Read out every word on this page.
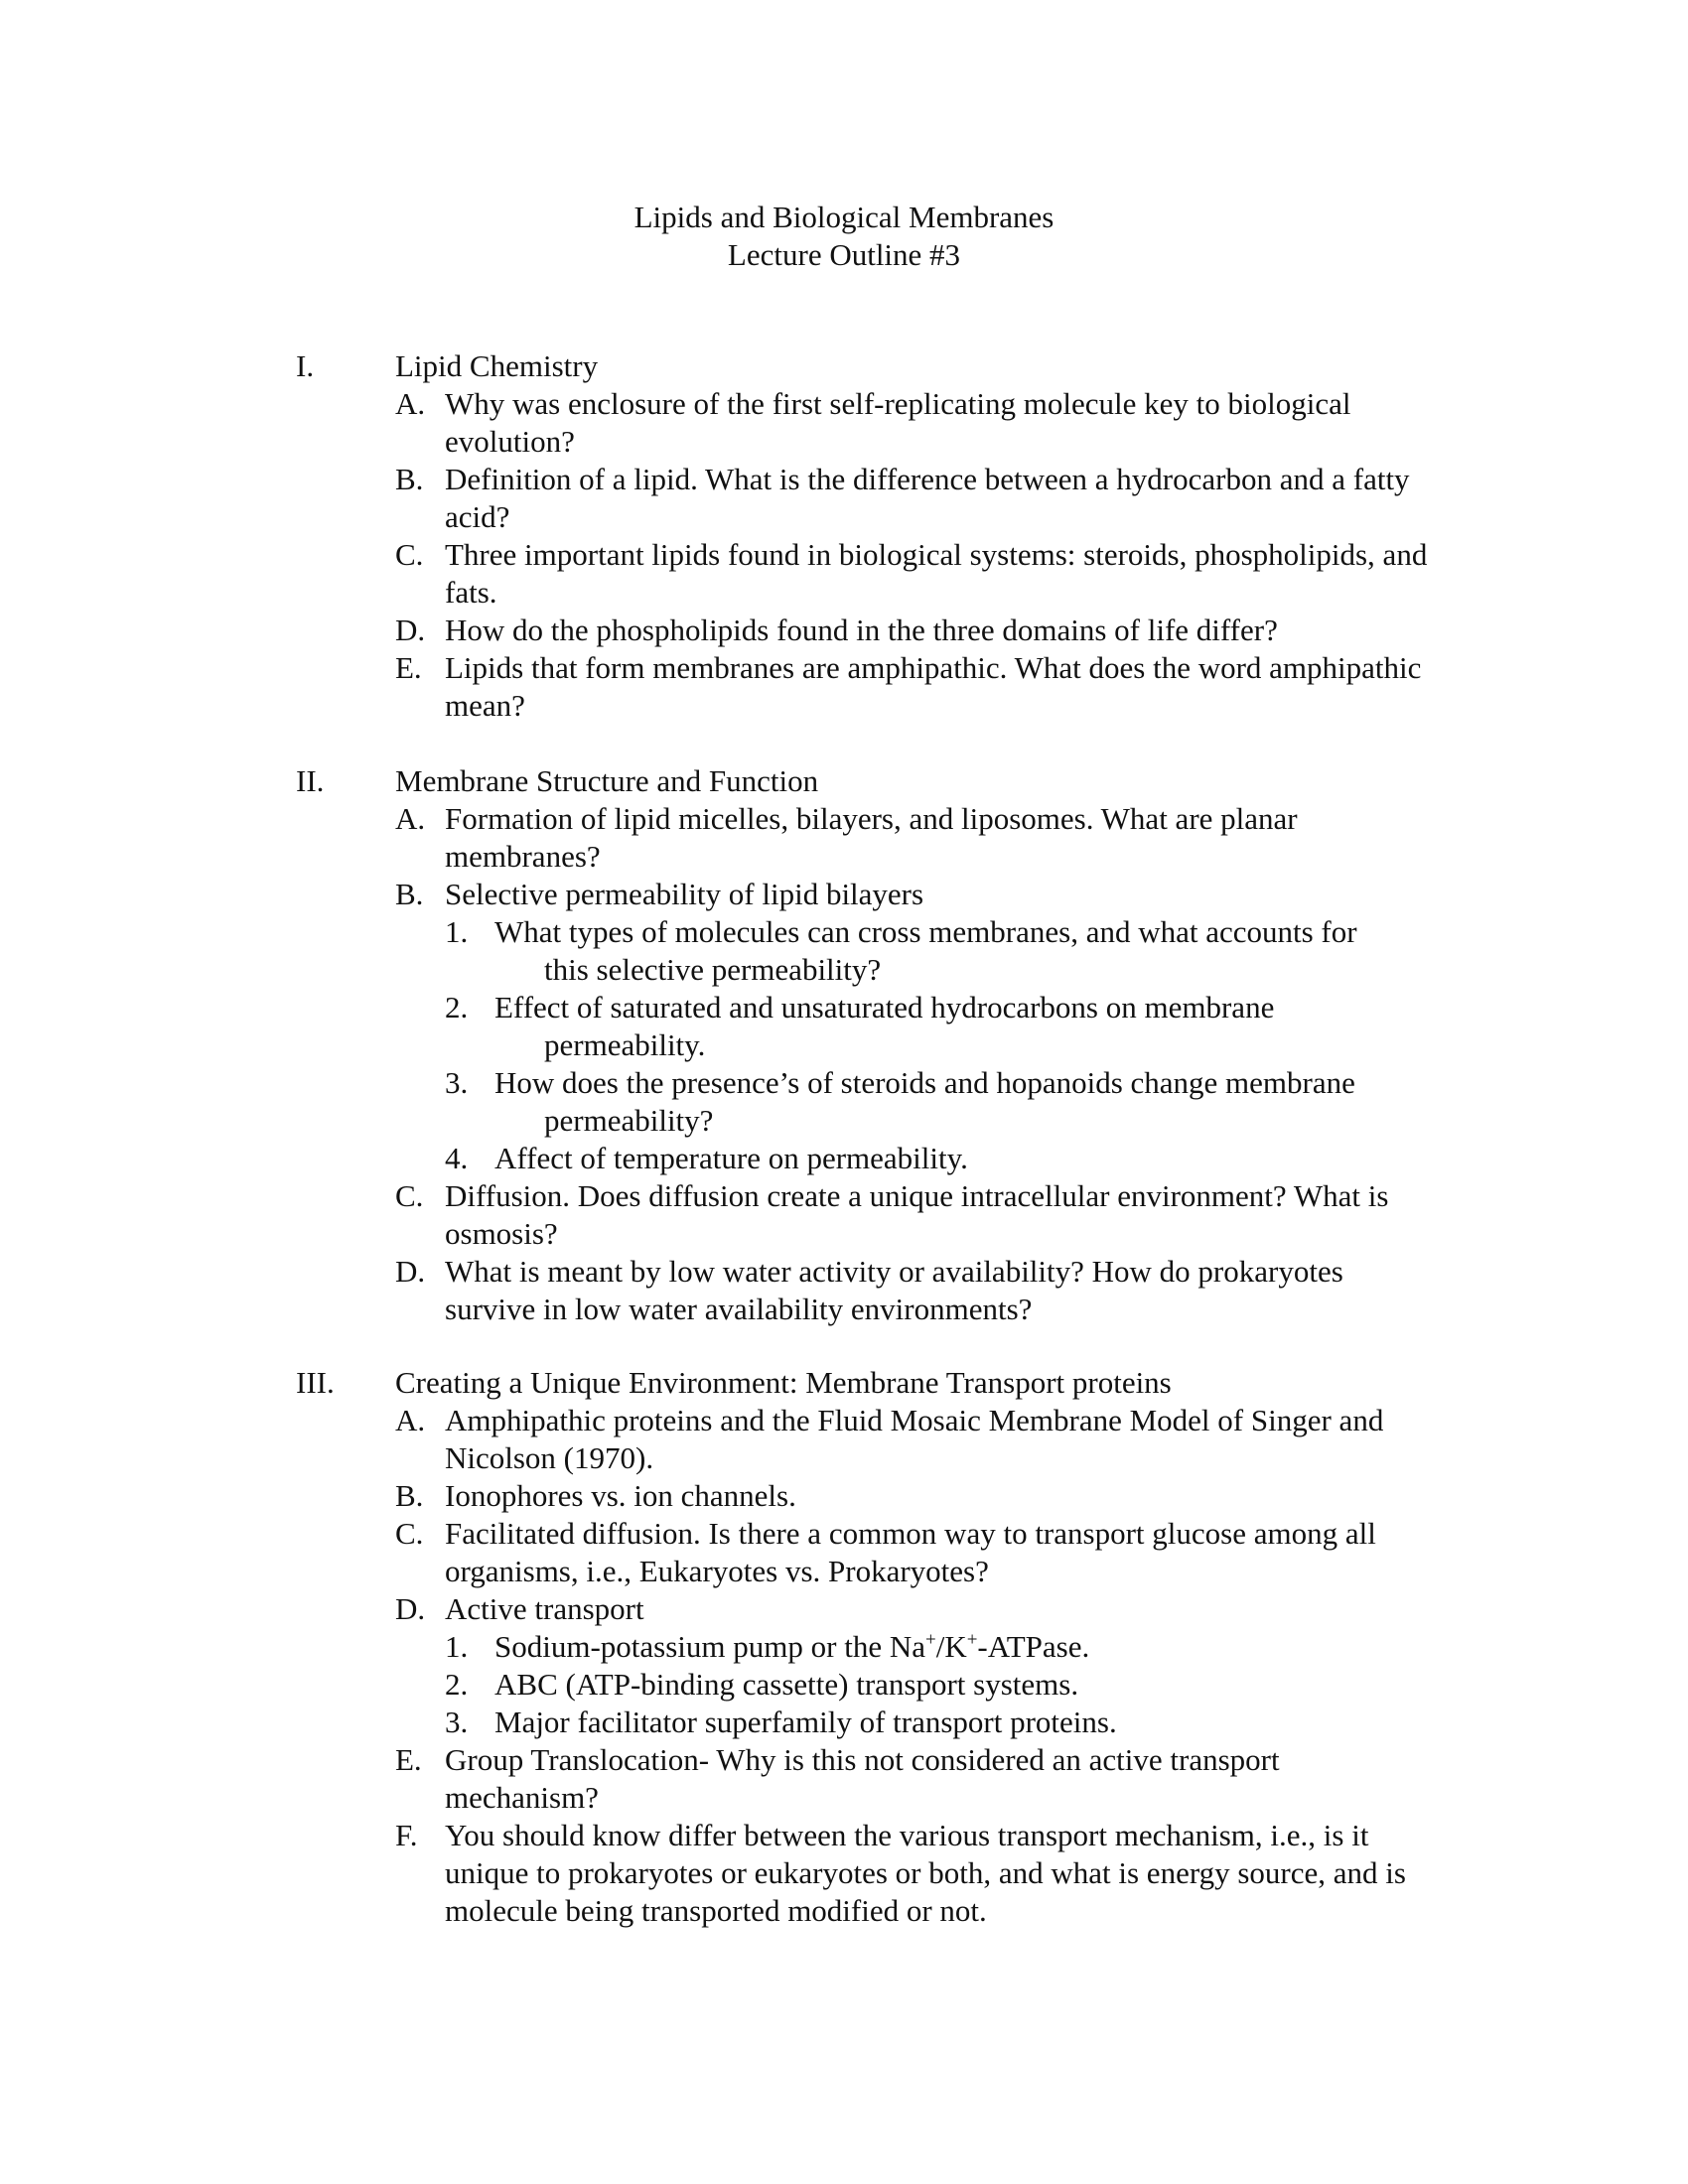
Lipids and Biological Membranes
Lecture Outline #3
I.	Lipid Chemistry
A. Why was enclosure of the first self-replicating molecule key to biological evolution?
B. Definition of a lipid. What is the difference between a hydrocarbon and a fatty acid?
C. Three important lipids found in biological systems: steroids, phospholipids, and fats.
D. How do the phospholipids found in the three domains of life differ?
E. Lipids that form membranes are amphipathic. What does the word amphipathic mean?
II. Membrane Structure and Function
A. Formation of lipid micelles, bilayers, and liposomes. What are planar membranes?
B. Selective permeability of lipid bilayers
1. What types of molecules can cross membranes, and what accounts for
this selective permeability?
2. Effect of saturated and unsaturated hydrocarbons on membrane
permeability.
3. How does the presence’s of steroids and hopanoids change membrane
permeability?
4. Affect of temperature on permeability.
C. Diffusion. Does diffusion create a unique intracellular environment? What is osmosis?
D. What is meant by low water activity or availability? How do prokaryotes survive in low water availability environments?
III. Creating a Unique Environment: Membrane Transport proteins
A. Amphipathic proteins and the Fluid Mosaic Membrane Model of Singer and Nicolson (1970).
B. Ionophores vs. ion channels.
C. Facilitated diffusion. Is there a common way to transport glucose among all organisms, i.e., Eukaryotes vs. Prokaryotes?
D. Active transport
1. Sodium-potassium pump or the Na+/K+-ATPase.
2. ABC (ATP-binding cassette) transport systems.
3. Major facilitator superfamily of transport proteins.
E. Group Translocation- Why is this not considered an active transport mechanism?
F. You should know differ between the various transport mechanism, i.e., is it unique to prokaryotes or eukaryotes or both, and what is energy source, and is molecule being transported modified or not.
